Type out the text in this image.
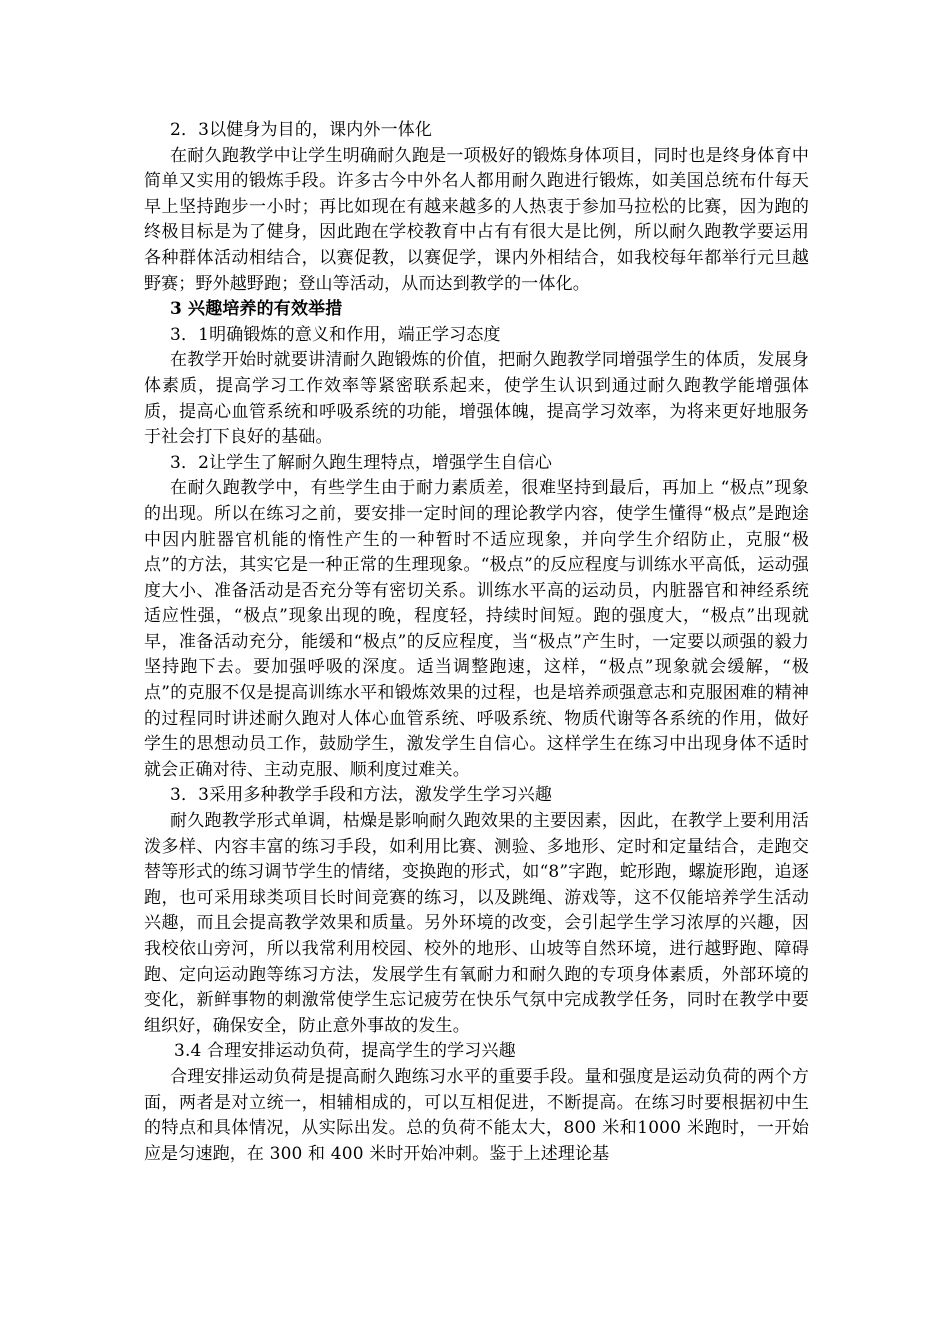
2．3以健身为目的，课内外一体化

在耐久跑教学中让学生明确耐久跑是一项极好的锻炼身体项目，同时也是终身体育中简单又实用的锻炼手段。许多古今中外名人都用耐久跑进行锻炼，如美国总统布什每天早上坚持跑步一小时；再比如现在有越来越多的人热衷于参加马拉松的比赛，因为跑的终极目标是为了健身，因此跑在学校教育中占有有很大是比例，所以耐久跑教学要运用各种群体活动相结合，以赛促教，以赛促学，课内外相结合，如我校每年都举行元旦越野赛；野外越野跑；登山等活动，从而达到教学的一体化。

3 兴趣培养的有效举措

3．1明确锻炼的意义和作用，端正学习态度

在教学开始时就要讲清耐久跑锻炼的价值，把耐久跑教学同增强学生的体质，发展身体素质，提高学习工作效率等紧密联系起来，使学生认识到通过耐久跑教学能增强体质，提高心血管系统和呼吸系统的功能，增强体魄，提高学习效率，为将来更好地服务于社会打下良好的基础。

3．2让学生了解耐久跑生理特点，增强学生自信心

在耐久跑教学中，有些学生由于耐力素质差，很难坚持到最后，再加上 “极点”现象的出现。所以在练习之前，要安排一定时间的理论教学内容，使学生懂得“极点”是跑途中因内脏器官机能的惰性产生的一种暂时不适应现象，并向学生介绍防止，克服“极点”的方法，其实它是一种正常的生理现象。“极点”的反应程度与训练水平高低，运动强度大小、准备活动是否充分等有密切关系。训练水平高的运动员，内脏器官和神经系统适应性强，“极点”现象出现的晚，程度轻，持续时间短。跑的强度大，“极点”出现就早，准备活动充分，能缓和“极点”的反应程度，当“极点”产生时，一定要以顽强的毅力坚持跑下去。要加强呼吸的深度。适当调整跑速，这样，“极点”现象就会缓解，“极点”的克服不仅是提高训练水平和锻炼效果的过程，也是培养顽强意志和克服困难的精神的过程同时讲述耐久跑对人体心血管系统、呼吸系统、物质代谢等各系统的作用，做好学生的思想动员工作，鼓励学生，激发学生自信心。这样学生在练习中出现身体不适时就会正确对待、主动克服、顺利度过难关。

3．3采用多种教学手段和方法，激发学生学习兴趣

耐久跑教学形式单调，枯燥是影响耐久跑效果的主要因素，因此，在教学上要利用活泼多样、内容丰富的练习手段，如利用比赛、测验、多地形、定时和定量结合，走跑交替等形式的练习调节学生的情绪，变换跑的形式，如“8”字跑，蛇形跑，螺旋形跑，追逐跑，也可采用球类项目长时间竞赛的练习，以及跳绳、游戏等，这不仅能培养学生活动兴趣，而且会提高教学效果和质量。另外环境的改变，会引起学生学习浓厚的兴趣，因我校依山旁河，所以我常利用校园、校外的地形、山坡等自然环境，进行越野跑、障碍跑、定向运动跑等练习方法，发展学生有氧耐力和耐久跑的专项身体素质，外部环境的变化，新鲜事物的刺激常使学生忘记疲劳在快乐气氛中完成教学任务，同时在教学中要组织好，确保安全，防止意外事故的发生。

3.4 合理安排运动负荷，提高学生的学习兴趣

合理安排运动负荷是提高耐久跑练习水平的重要手段。量和强度是运动负荷的两个方面，两者是对立统一，相辅相成的，可以互相促进，不断提高。在练习时要根据初中生的特点和具体情况，从实际出发。总的负荷不能太大，800 米和1000 米跑时，一开始应是匀速跑，在 300 和 400 米时开始冲刺。鉴于上述理论基
